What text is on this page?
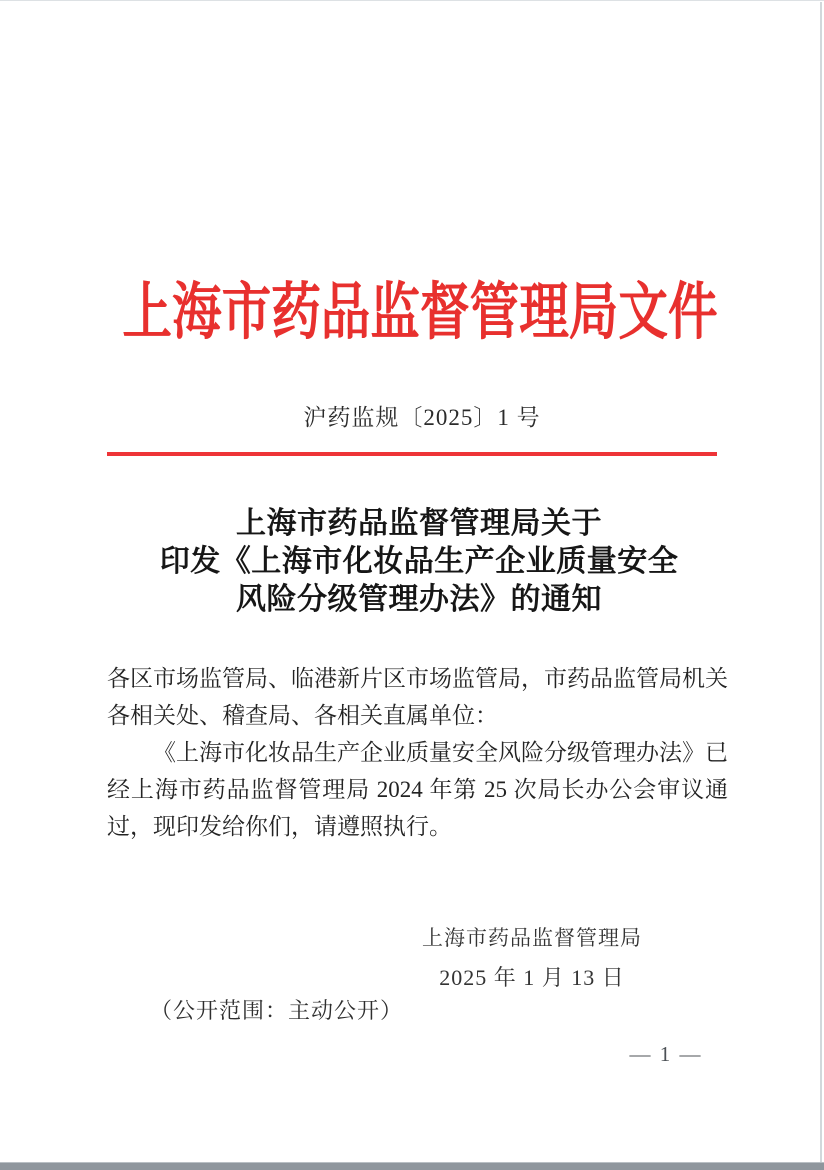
上海市药品监督管理局文件
沪药监规〔2025〕1 号
上海市药品监督管理局关于
印发《上海市化妆品生产企业质量安全
风险分级管理办法》的通知

各区市场监管局、临港新片区市场监管局，市药品监管局机关各相关处、稽查局、各相关直属单位：

《上海市化妆品生产企业质量安全风险分级管理办法》已经上海市药品监督管理局 2024 年第 25 次局长办公会审议通过，现印发给你们，请遵照执行。

上海市药品监督管理局
2025 年 1 月 13 日
（公开范围：主动公开）
— 1 —
